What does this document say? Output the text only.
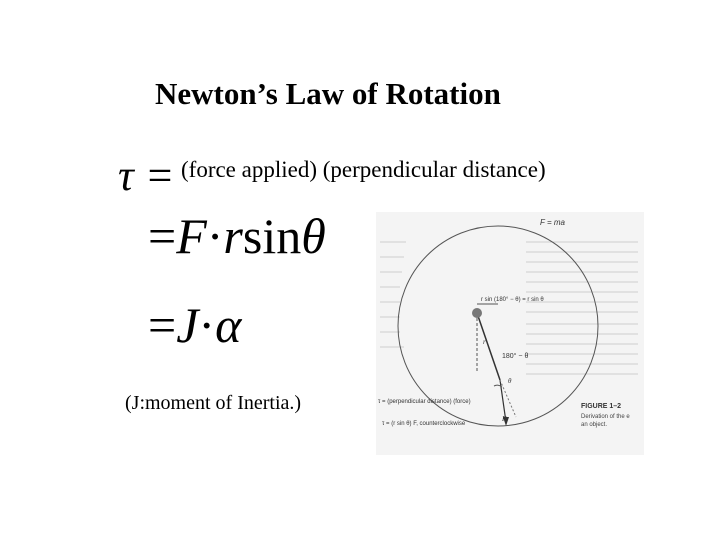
Newton’s Law of Rotation
τ = (force applied) (perpendicular distance)
=F·rsinθ
=J·α
(J:moment of Inertia.)
F = ma
r sin (180° − θ) = r sin θ
r
180° − θ
θ
F
τ = (perpendicular distance) (force)
τ = (r sin θ) F, counterclockwise
FIGURE 1–2
Derivation of the e
an object.
